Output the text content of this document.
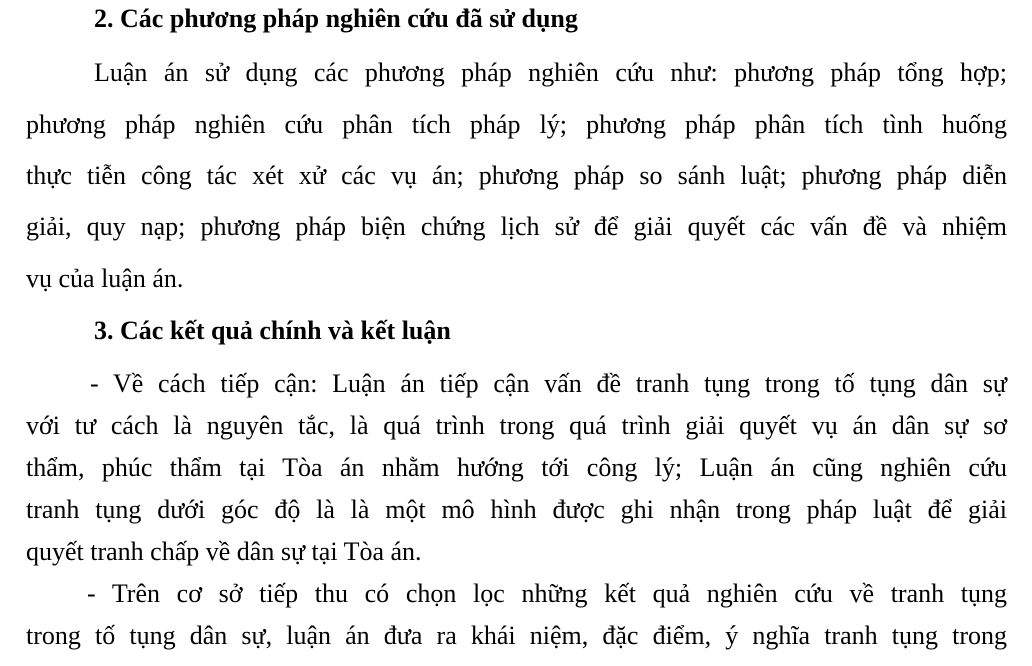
2. Các phương pháp nghiên cứu đã sử dụng
Luận án sử dụng các phương pháp nghiên cứu như: phương pháp tổng hợp;
phương pháp nghiên cứu phân tích pháp lý; phương pháp phân tích tình huống
thực tiễn công tác xét xử các vụ án; phương pháp so sánh luật; phương pháp diễn
giải, quy nạp; phương pháp biện chứng lịch sử để giải quyết các vấn đề và nhiệm
vụ của luận án.
3. Các kết quả chính và kết luận
- Về cách tiếp cận: Luận án tiếp cận vấn đề tranh tụng trong tố tụng dân sự
với tư cách là nguyên tắc, là quá trình trong quá trình giải quyết vụ án dân sự sơ
thẩm, phúc thẩm tại Tòa án nhằm hướng tới công lý; Luận án cũng nghiên cứu
tranh tụng dưới góc độ là là một mô hình được ghi nhận trong pháp luật để giải
quyết tranh chấp về dân sự tại Tòa án.
- Trên cơ sở tiếp thu có chọn lọc những kết quả nghiên cứu về tranh tụng
trong tố tụng dân sự, luận án đưa ra khái niệm, đặc điểm, ý nghĩa tranh tụng trong
